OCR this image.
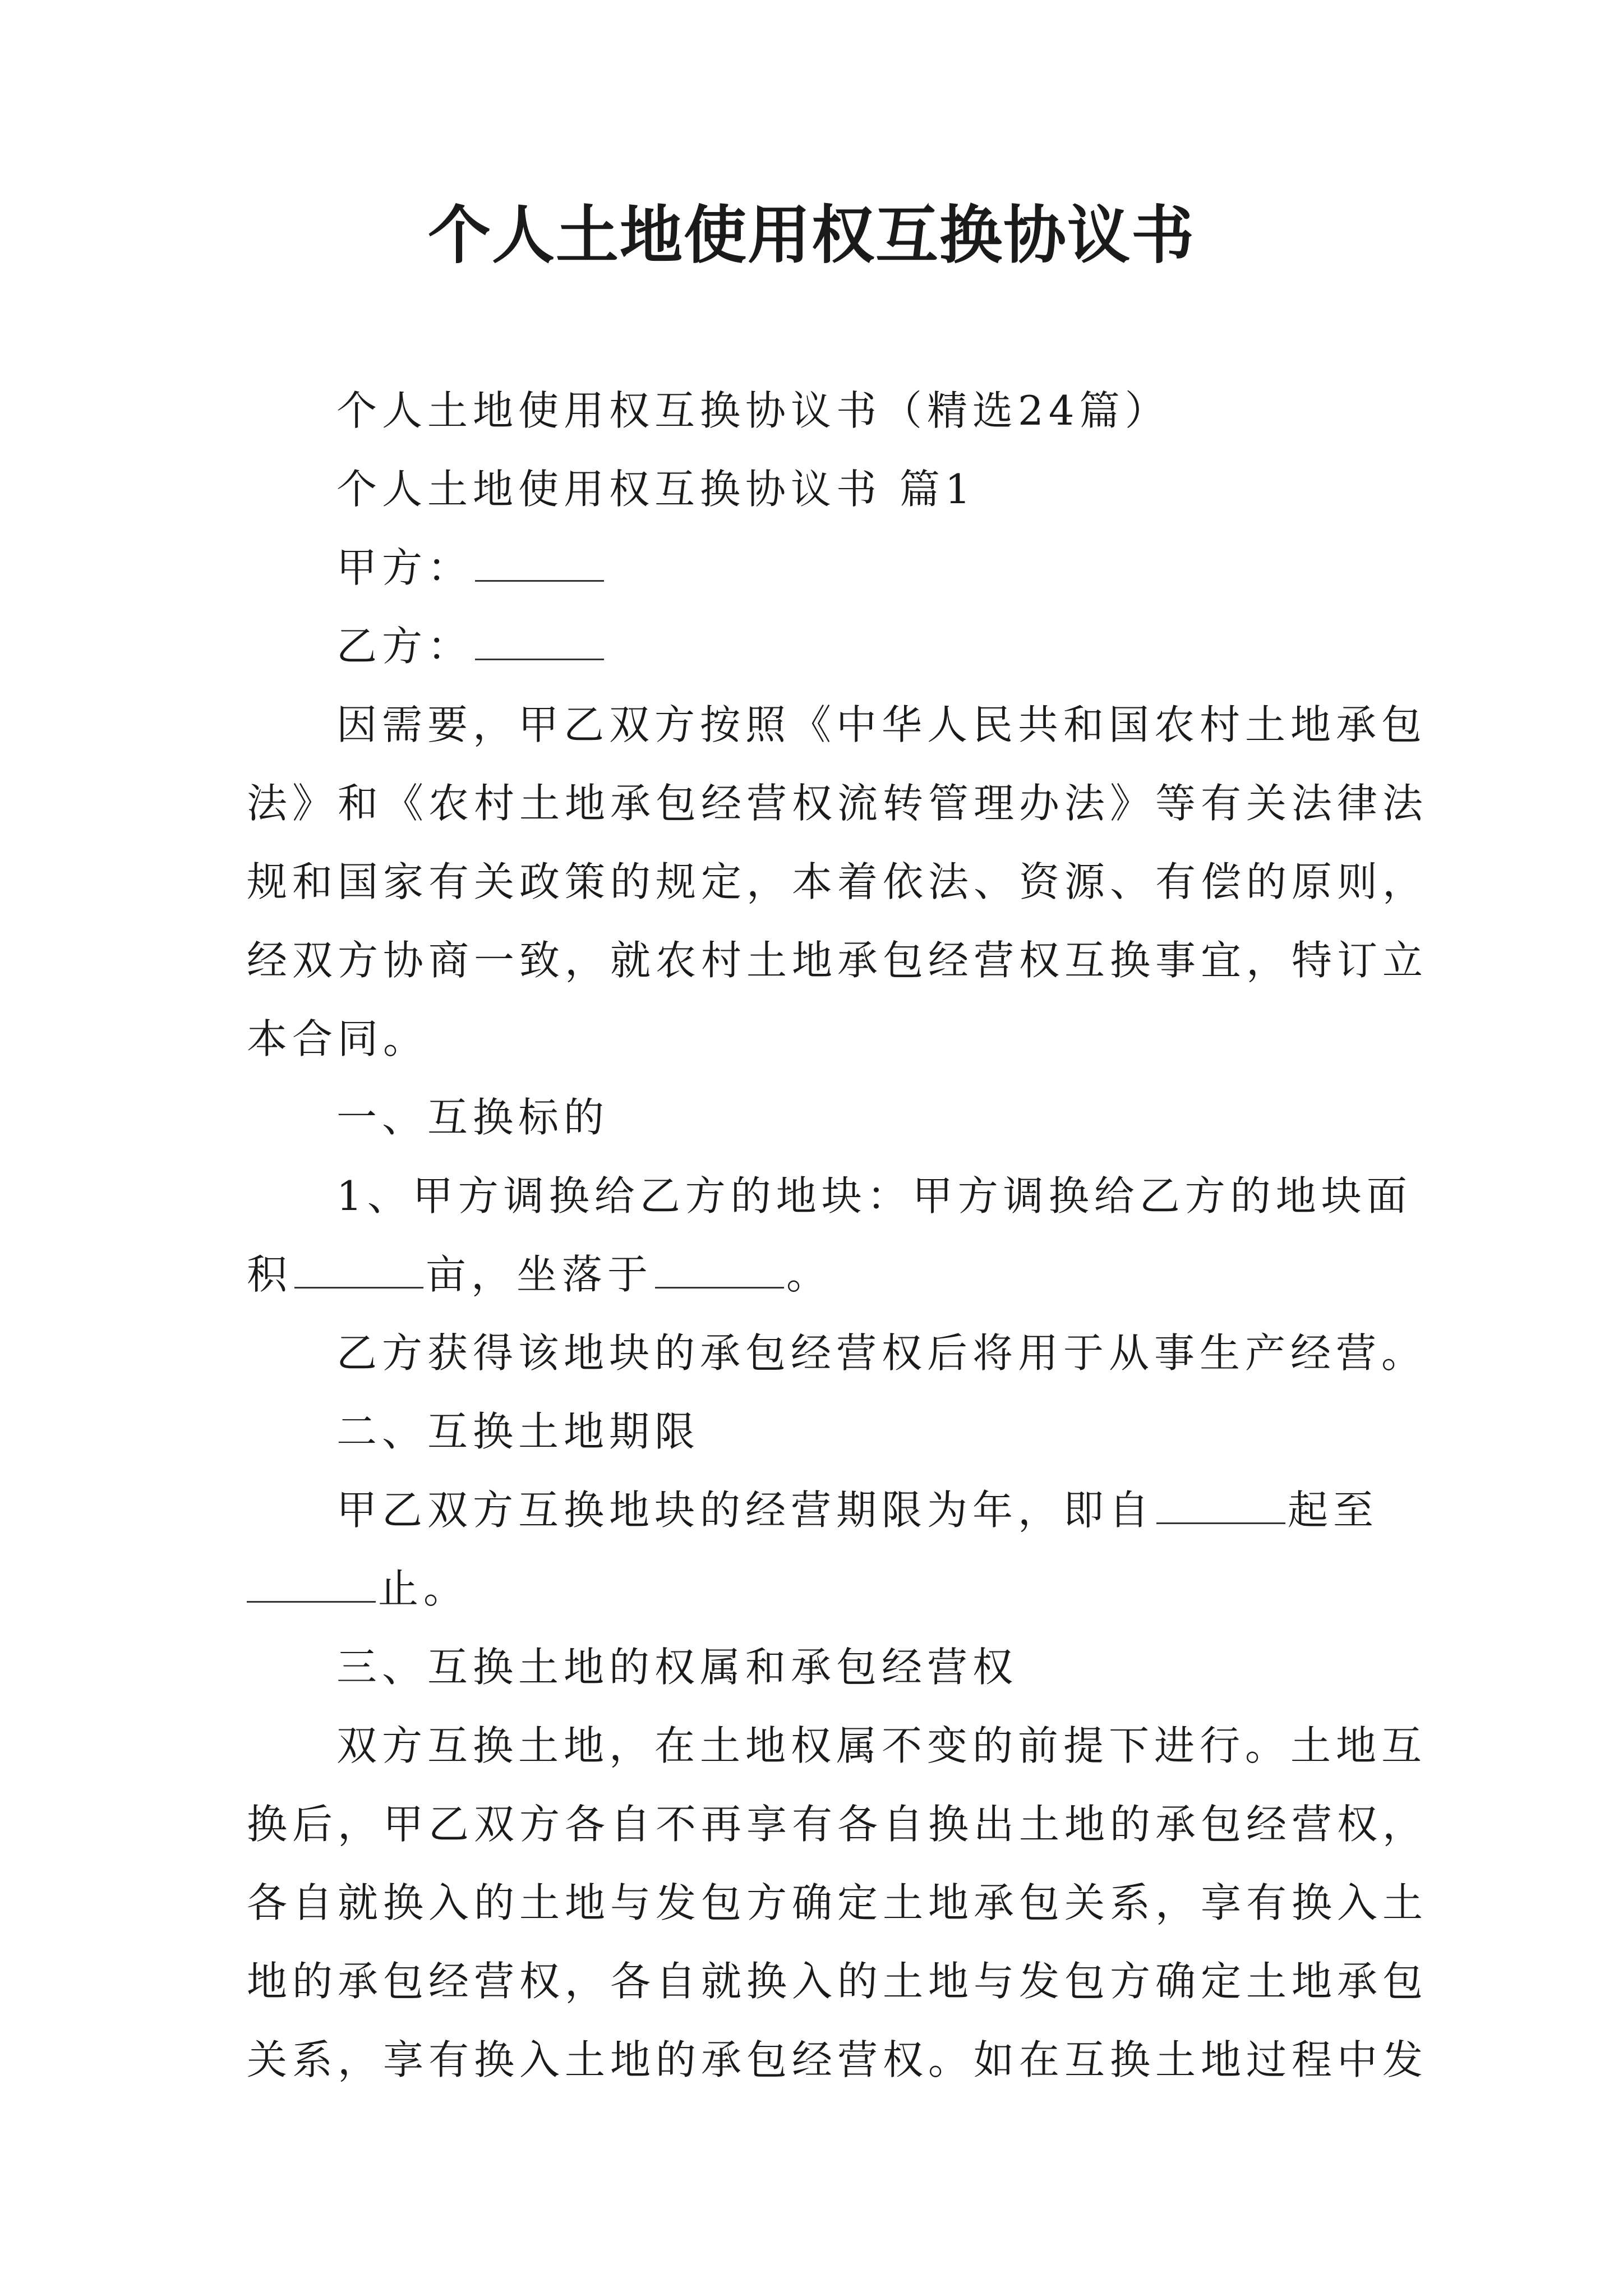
个人土地使用权互换协议书
个人土地使用权互换协议书（精选24篇）
个人土地使用权互换协议书 篇1
甲方：
乙方：
因需要，甲乙双方按照《中华人民共和国农村土地承包
法》和《农村土地承包经营权流转管理办法》等有关法律法
规和国家有关政策的规定，本着依法、资源、有偿的原则，
经双方协商一致，就农村土地承包经营权互换事宜，特订立
本合同。
一、互换标的
1、甲方调换给乙方的地块：甲方调换给乙方的地块面
积	亩，坐落于	。
乙方获得该地块的承包经营权后将用于从事生产经营。
二、互换土地期限
甲乙双方互换地块的经营期限为年，即自	起至
止。
三、互换土地的权属和承包经营权
双方互换土地，在土地权属不变的前提下进行。土地互
换后，甲乙双方各自不再享有各自换出土地的承包经营权，
各自就换入的土地与发包方确定土地承包关系，享有换入土
地的承包经营权，各自就换入的土地与发包方确定土地承包
关系，享有换入土地的承包经营权。如在互换土地过程中发
